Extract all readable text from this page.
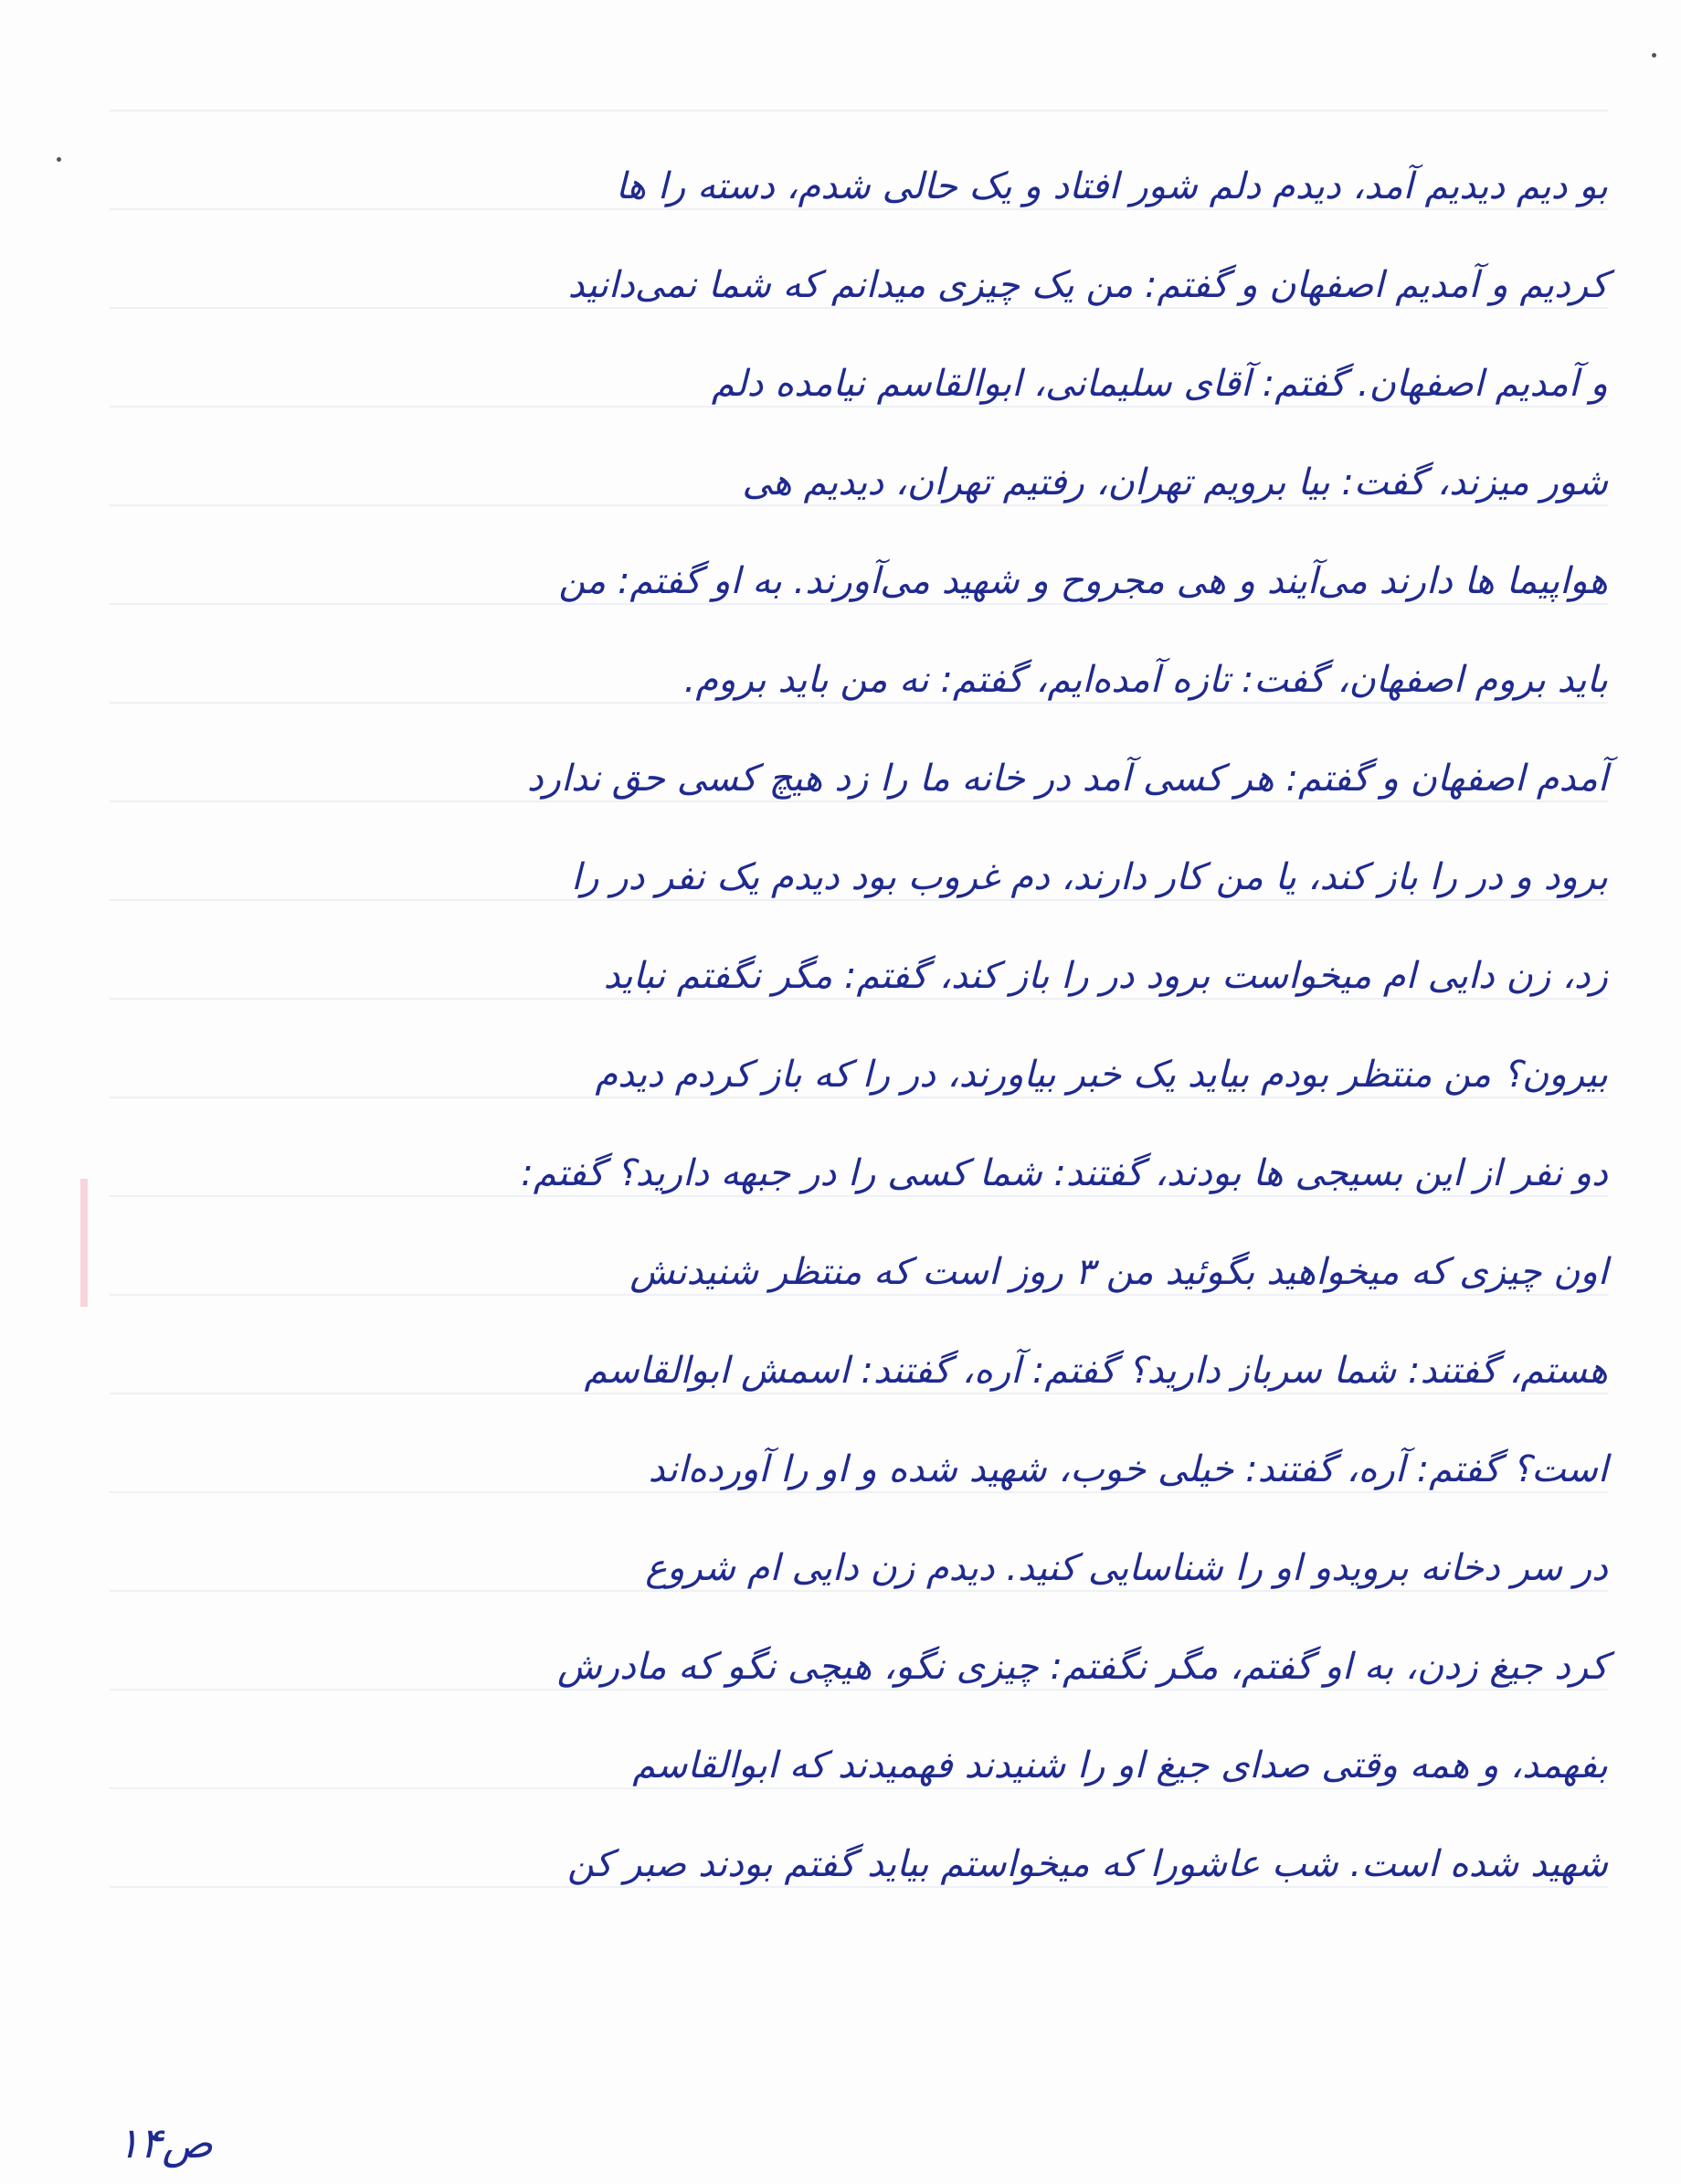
بو دیم دیدیم آمد، دیدم دلم شور افتاد و یک حالی شدم، دسته را ها
کردیم و آمدیم اصفهان و گفتم: من یک چیزی میدانم که شما نمی‌دانید
و آمدیم اصفهان. گفتم: آقای سلیمانی، ابوالقاسم نیامده دلم
شور میزند، گفت: بیا برویم تهران، رفتیم تهران، دیدیم هی
هواپیما ها دارند می‌آیند و هی مجروح و شهید می‌آورند. به او گفتم: من
باید بروم اصفهان، گفت: تازه آمده‌ایم، گفتم: نه من باید بروم.
آمدم اصفهان و گفتم: هر کسی آمد در خانه ما را زد هیچ کسی حق ندارد
برود و در را باز کند، یا من کار دارند، دم غروب بود دیدم یک نفر در را
زد، زن دایی ام میخواست برود در را باز کند، گفتم: مگر نگفتم نباید
بیرون؟ من منتظر بودم بیاید یک خبر بیاورند، در را که باز کردم دیدم
دو نفر از این بسیجی ها بودند، گفتند: شما کسی را در جبهه دارید؟ گفتم:
اون چیزی که میخواهید بگوئید من ۳ روز است که منتظر شنیدنش
هستم، گفتند: شما سرباز دارید؟ گفتم: آره، گفتند: اسمش ابوالقاسم
است؟ گفتم: آره، گفتند: خیلی خوب، شهید شده و او را آورده‌اند
در سر دخانه برویدو او را شناسایی کنید. دیدم زن دایی ام شروع
کرد جیغ زدن، به او گفتم، مگر نگفتم: چیزی نگو، هیچی نگو که مادرش
بفهمد، و همه وقتی صدای جیغ او را شنیدند فهمیدند که ابوالقاسم
شهید شده است. شب عاشورا که میخواستم بیاید گفتم بودند صبر کن
ص۱۴
